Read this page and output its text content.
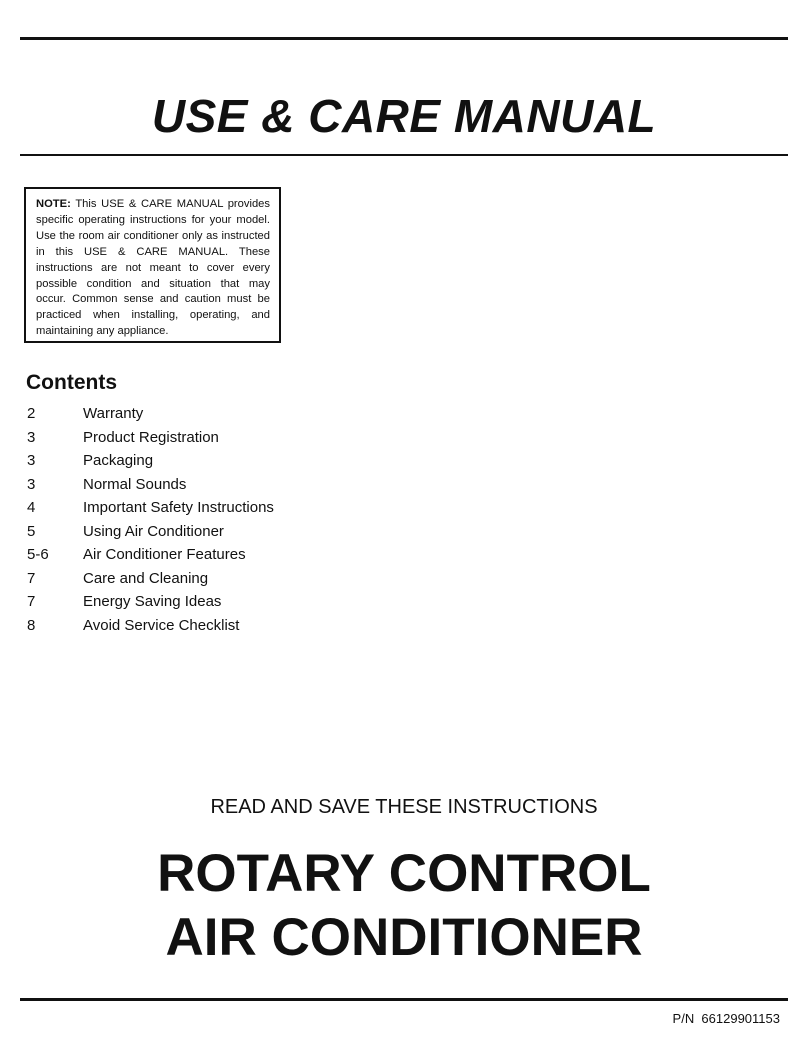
USE & CARE MANUAL
NOTE: This USE & CARE MANUAL provides specific operating instructions for your model. Use the room air conditioner only as instructed in this USE & CARE MANUAL. These instructions are not meant to cover every possible condition and situation that may occur. Common sense and caution must be practiced when installing, operating, and maintaining any appliance.
Contents
2	Warranty
3	Product Registration
3	Packaging
3	Normal Sounds
4	Important Safety Instructions
5	Using Air Conditioner
5-6	Air Conditioner Features
7	Care and Cleaning
7	Energy Saving Ideas
8	Avoid Service Checklist

READ AND SAVE THESE INSTRUCTIONS

ROTARY CONTROL
AIR CONDITIONER

P/N  66129901153
